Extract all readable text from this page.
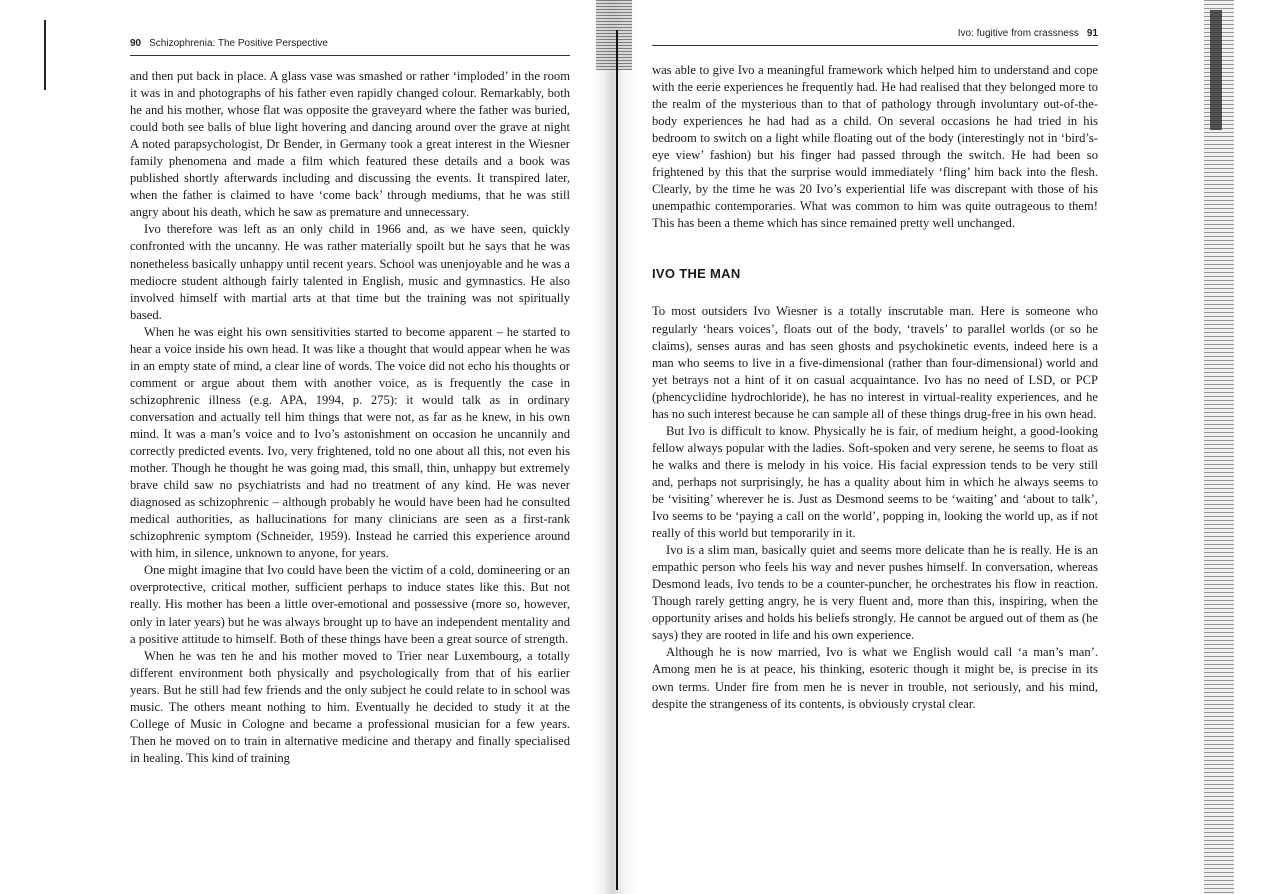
90 Schizophrenia: The Positive Perspective

and then put back in place. A glass vase was smashed or rather ‘imploded’ in the room it was in and photographs of his father even rapidly changed colour. Remarkably, both he and his mother, whose flat was opposite the graveyard where the father was buried, could both see balls of blue light hovering and dancing around over the grave at night A noted parapsychologist, Dr Bender, in Germany took a great interest in the Wiesner family phenomena and made a film which featured these details and a book was published shortly afterwards including and discussing the events. It transpired later, when the father is claimed to have ‘come back’ through mediums, that he was still angry about his death, which he saw as premature and unnecessary.

Ivo therefore was left as an only child in 1966 and, as we have seen, quickly confronted with the uncanny. He was rather materially spoilt but he says that he was nonetheless basically unhappy until recent years. School was unenjoyable and he was a mediocre student although fairly talented in English, music and gymnastics. He also involved himself with martial arts at that time but the training was not spiritually based.

When he was eight his own sensitivities started to become apparent – he started to hear a voice inside his own head. It was like a thought that would appear when he was in an empty state of mind, a clear line of words. The voice did not echo his thoughts or comment or argue about them with another voice, as is frequently the case in schizophrenic illness (e.g. APA, 1994, p. 275): it would talk as in ordinary conversation and actually tell him things that were not, as far as he knew, in his own mind. It was a man’s voice and to Ivo’s astonishment on occasion he uncannily and correctly predicted events. Ivo, very frightened, told no one about all this, not even his mother. Though he thought he was going mad, this small, thin, unhappy but extremely brave child saw no psychiatrists and had no treatment of any kind. He was never diagnosed as schizophrenic – although probably he would have been had he consulted medical authorities, as hallucinations for many clinicians are seen as a first-rank schizophrenic symptom (Schneider, 1959). Instead he carried this experience around with him, in silence, unknown to anyone, for years.

One might imagine that Ivo could have been the victim of a cold, domineering or an overprotective, critical mother, sufficient perhaps to induce states like this. But not really. His mother has been a little over-emotional and possessive (more so, however, only in later years) but he was always brought up to have an independent mentality and a positive attitude to himself. Both of these things have been a great source of strength.

When he was ten he and his mother moved to Trier near Luxembourg, a totally different environment both physically and psychologically from that of his earlier years. But he still had few friends and the only subject he could relate to in school was music. The others meant nothing to him. Eventually he decided to study it at the College of Music in Cologne and became a professional musician for a few years. Then he moved on to train in alternative medicine and therapy and finally specialised in healing. This kind of training

Ivo: fugitive from crassness 91

was able to give Ivo a meaningful framework which helped him to understand and cope with the eerie experiences he frequently had. He had realised that they belonged more to the realm of the mysterious than to that of pathology through involuntary out-of-the-body experiences he had had as a child. On several occasions he had tried in his bedroom to switch on a light while floating out of the body (interestingly not in ‘bird’s-eye view’ fashion) but his finger had passed through the switch. He had been so frightened by this that the surprise would immediately ‘fling’ him back into the flesh. Clearly, by the time he was 20 Ivo’s experiential life was discrepant with those of his unempathic contemporaries. What was common to him was quite outrageous to them! This has been a theme which has since remained pretty well unchanged.

IVO THE MAN

To most outsiders Ivo Wiesner is a totally inscrutable man. Here is someone who regularly ‘hears voices’, floats out of the body, ‘travels’ to parallel worlds (or so he claims), senses auras and has seen ghosts and psychokinetic events, indeed here is a man who seems to live in a five-dimensional (rather than four-dimensional) world and yet betrays not a hint of it on casual acquaintance. Ivo has no need of LSD, or PCP (phencyclidine hydrochloride), he has no interest in virtual-reality experiences, and he has no such interest because he can sample all of these things drug-free in his own head.

But Ivo is difficult to know. Physically he is fair, of medium height, a good-looking fellow always popular with the ladies. Soft-spoken and very serene, he seems to float as he walks and there is melody in his voice. His facial expression tends to be very still and, perhaps not surprisingly, he has a quality about him in which he always seems to be ‘visiting’ wherever he is. Just as Desmond seems to be ‘waiting’ and ‘about to talk’, Ivo seems to be ‘paying a call on the world’, popping in, looking the world up, as if not really of this world but temporarily in it.

Ivo is a slim man, basically quiet and seems more delicate than he is really. He is an empathic person who feels his way and never pushes himself. In conversation, whereas Desmond leads, Ivo tends to be a counter-puncher, he orchestrates his flow in reaction. Though rarely getting angry, he is very fluent and, more than this, inspiring, when the opportunity arises and holds his beliefs strongly. He cannot be argued out of them as (he says) they are rooted in life and his own experience.

Although he is now married, Ivo is what we English would call ‘a man’s man’. Among men he is at peace, his thinking, esoteric though it might be, is precise in its own terms. Under fire from men he is never in trouble, not seriously, and his mind, despite the strangeness of its contents, is obviously crystal clear.
